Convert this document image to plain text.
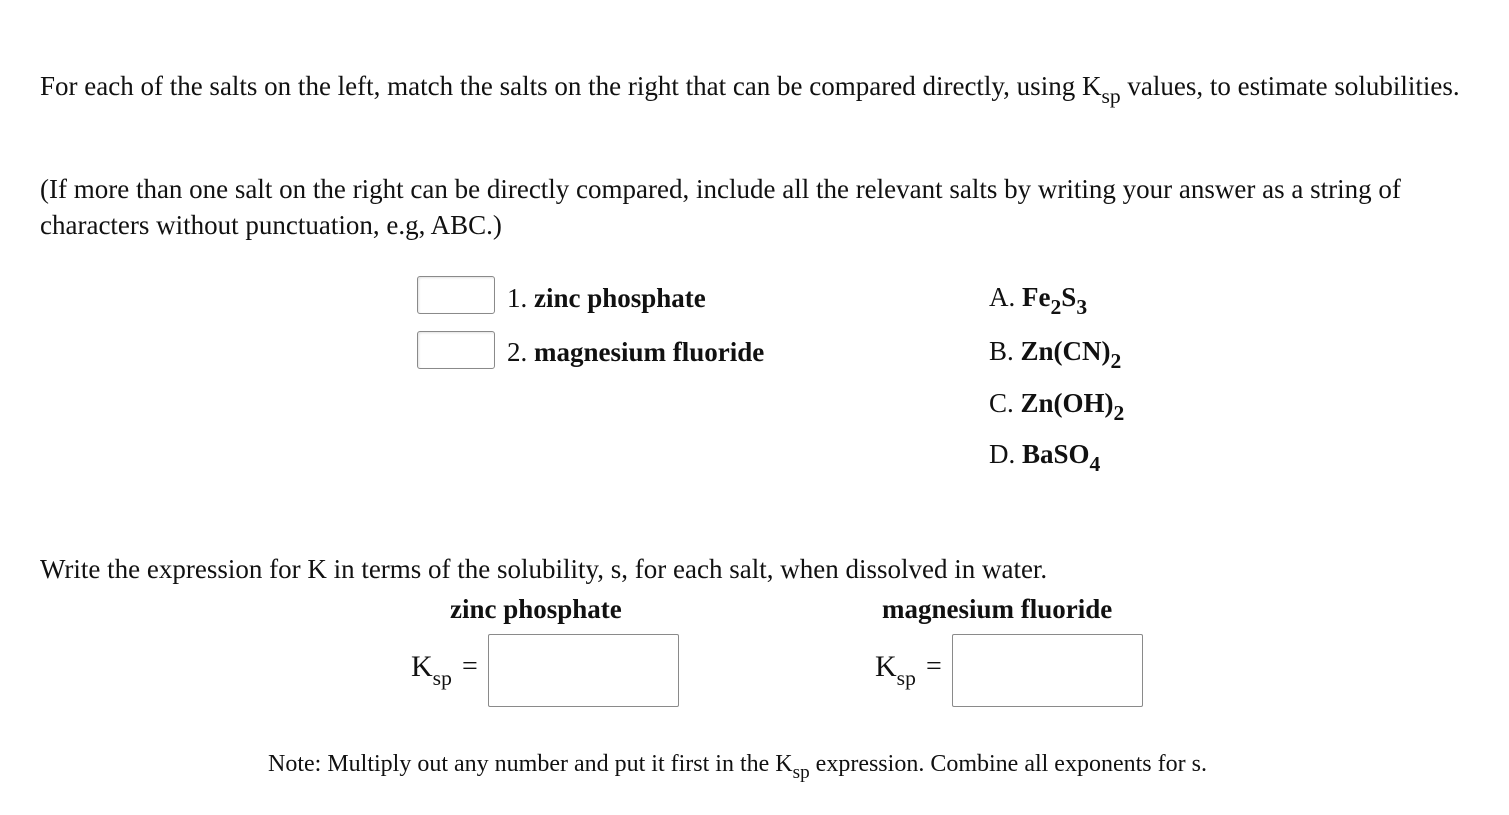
For each of the salts on the left, match the salts on the right that can be compared directly, using $K_{sp}$ values, to estimate solubilities.

(If more than one salt on the right can be directly compared, include all the relevant salts by writing your answer as a string of characters without punctuation, e.g, ABC.)

1. zinc phosphate
2. magnesium fluoride
A. $Fe_2S_3$
B. $Zn(CN)_2$
C. $Zn(OH)_2$
D. BaSO$_4$

Write the expression for K in terms of the solubility, s, for each salt, when dissolved in water.

zinc phosphate	magnesium fluoride
$K_{sp}$ =	$K_{sp}$ =
Note: Multiply out any number and put it first in the $K_{sp}$ expression. Combine all exponents for s.
